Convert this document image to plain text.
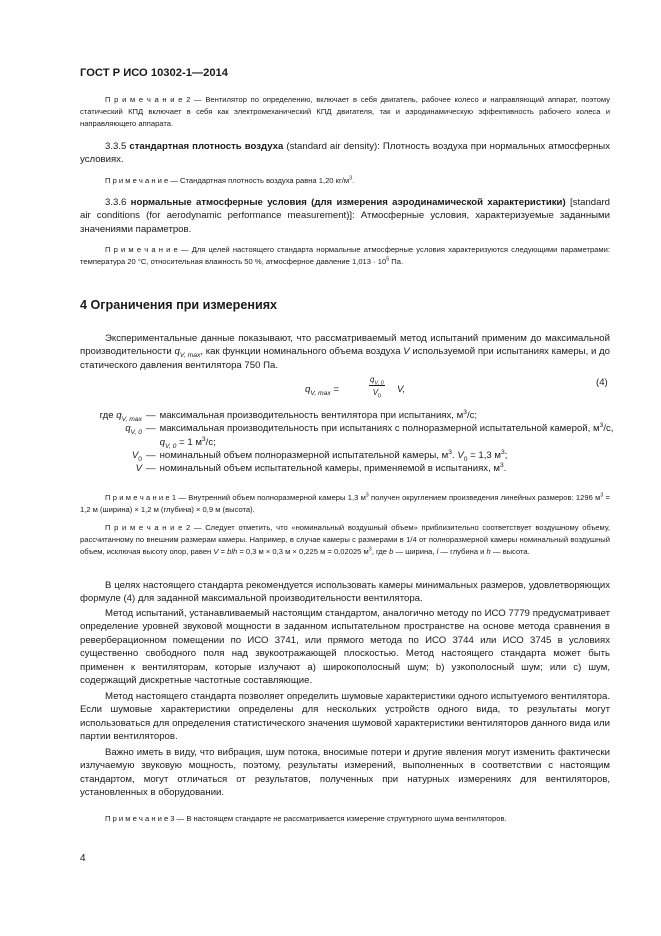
ГОСТ Р ИСО 10302-1—2014

П р и м е ч а н и е 2 — Вентилятор по определению, включает в себя двигатель, рабочее колесо и направляющий аппарат, поэтому статический КПД включает в себя как электромеханический КПД двигателя, так и аэродинамическую эффективность рабочего колеса и направляющего аппарата.

3.3.5 стандартная плотность воздуха (standard air density): Плотность воздуха при нормальных атмосферных условиях.

П р и м е ч а н и е — Стандартная плотность воздуха равна 1,20 $кг/м^3$.

3.3.6 нормальные атмосферные условия (для измерения аэродинамической характеристики) [standard air conditions (for aerodynamic performance measurement)]: Атмосферные условия, характеризуемые заданными значениями параметров.

П р и м е ч а н и е — Для целей настоящего стандарта нормальные атмосферные условия характеризуются следующими параметрами: температура 20 °С, относительная влажность 50 %, атмосферное давление $1,013 \cdot 10^5$ Па.

4 Ограничения при измерениях

Экспериментальные данные показывают, что рассматриваемый метод испытаний применим до максимальной производительности $q_{V, max}$, как функции номинального объема воздуха V используемой при испытаниях камеры, и до статического давления вентилятора 750 Па.

$q_{V, max}$ =	$\frac{q_{V, 0}}{V_0} V$,
(4)
где $q_{V, max}$ — максимальная производительность вентилятора при испытаниях, $м^3/с$;
$q_{V, 0}$ — максимальная производительность при испытаниях с полноразмерной испытательной камерой, $м^3/с$, $q_{V, 0} = 1$ $м^3/с$;
$V_0$ — номинальный объем полноразмерной испытательной камеры, $м^3$. $V_0 = 1,3$ $м^3$;
V — номинальный объем испытательной камеры, применяемой в испытаниях, $м^3$.

П р и м е ч а н и е 1 — Внутренний объем полноразмерной камеры 1,3 $м^3$ получен округлением произведения линейных размеров: 1296 $м^3 = 1,2$ м (ширина) × 1,2 м (глубина) × 0,9 м (высота).

П р и м е ч а н и е 2 — Следует отметить, что «номинальный воздушный объем» приблизительно соответствует воздушному объему, рассчитанному по внешним размерам камеры. Например, в случае камеры с размерами в 1/4 от полноразмерной камеры номинальный воздушный объем, исключая высоту опор, равен V = blh = 0,3 м × 0,3 м × 0,225 м = 0,02025 $м^3$, где b — ширина, l — глубина и h — высота.

В целях настоящего стандарта рекомендуется использовать камеры минимальных размеров, удовлетворяющих формуле (4) для заданной максимальной производительности вентилятора.

Метод испытаний, устанавливаемый настоящим стандартом, аналогично методу по ИСО 7779 предусматривает определение уровней звуковой мощности в заданном испытательном пространстве на основе метода сравнения в реверберационном помещении по ИСО 3741, или прямого метода по ИСО 3744 или ИСО 3745 в условиях существенно свободного поля над звукоотражающей плоскостью. Метод настоящего стандарта может быть применен к вентиляторам, которые излучают a) широкополосный шум; b) узкополосный шум; или c) шум, содержащий дискретные частотные составляющие.

Метод настоящего стандарта позволяет определить шумовые характеристики одного испытуемого вентилятора. Если шумовые характеристики определены для нескольких устройств одного вида, то результаты могут использоваться для определения статистического значения шумовой характеристики вентиляторов данного вида или партии вентиляторов.

Важно иметь в виду, что вибрация, шум потока, вносимые потери и другие явления могут изменить фактически излучаемую звуковую мощность, поэтому, результаты измерений, выполненных в соответствии с настоящим стандартом, могут отличаться от результатов, полученных при натурных измерениях для вентиляторов, установленных в оборудовании.

П р и м е ч а н и е 3 — В настоящем стандарте не рассматривается измерение структурного шума вентиляторов.

4
